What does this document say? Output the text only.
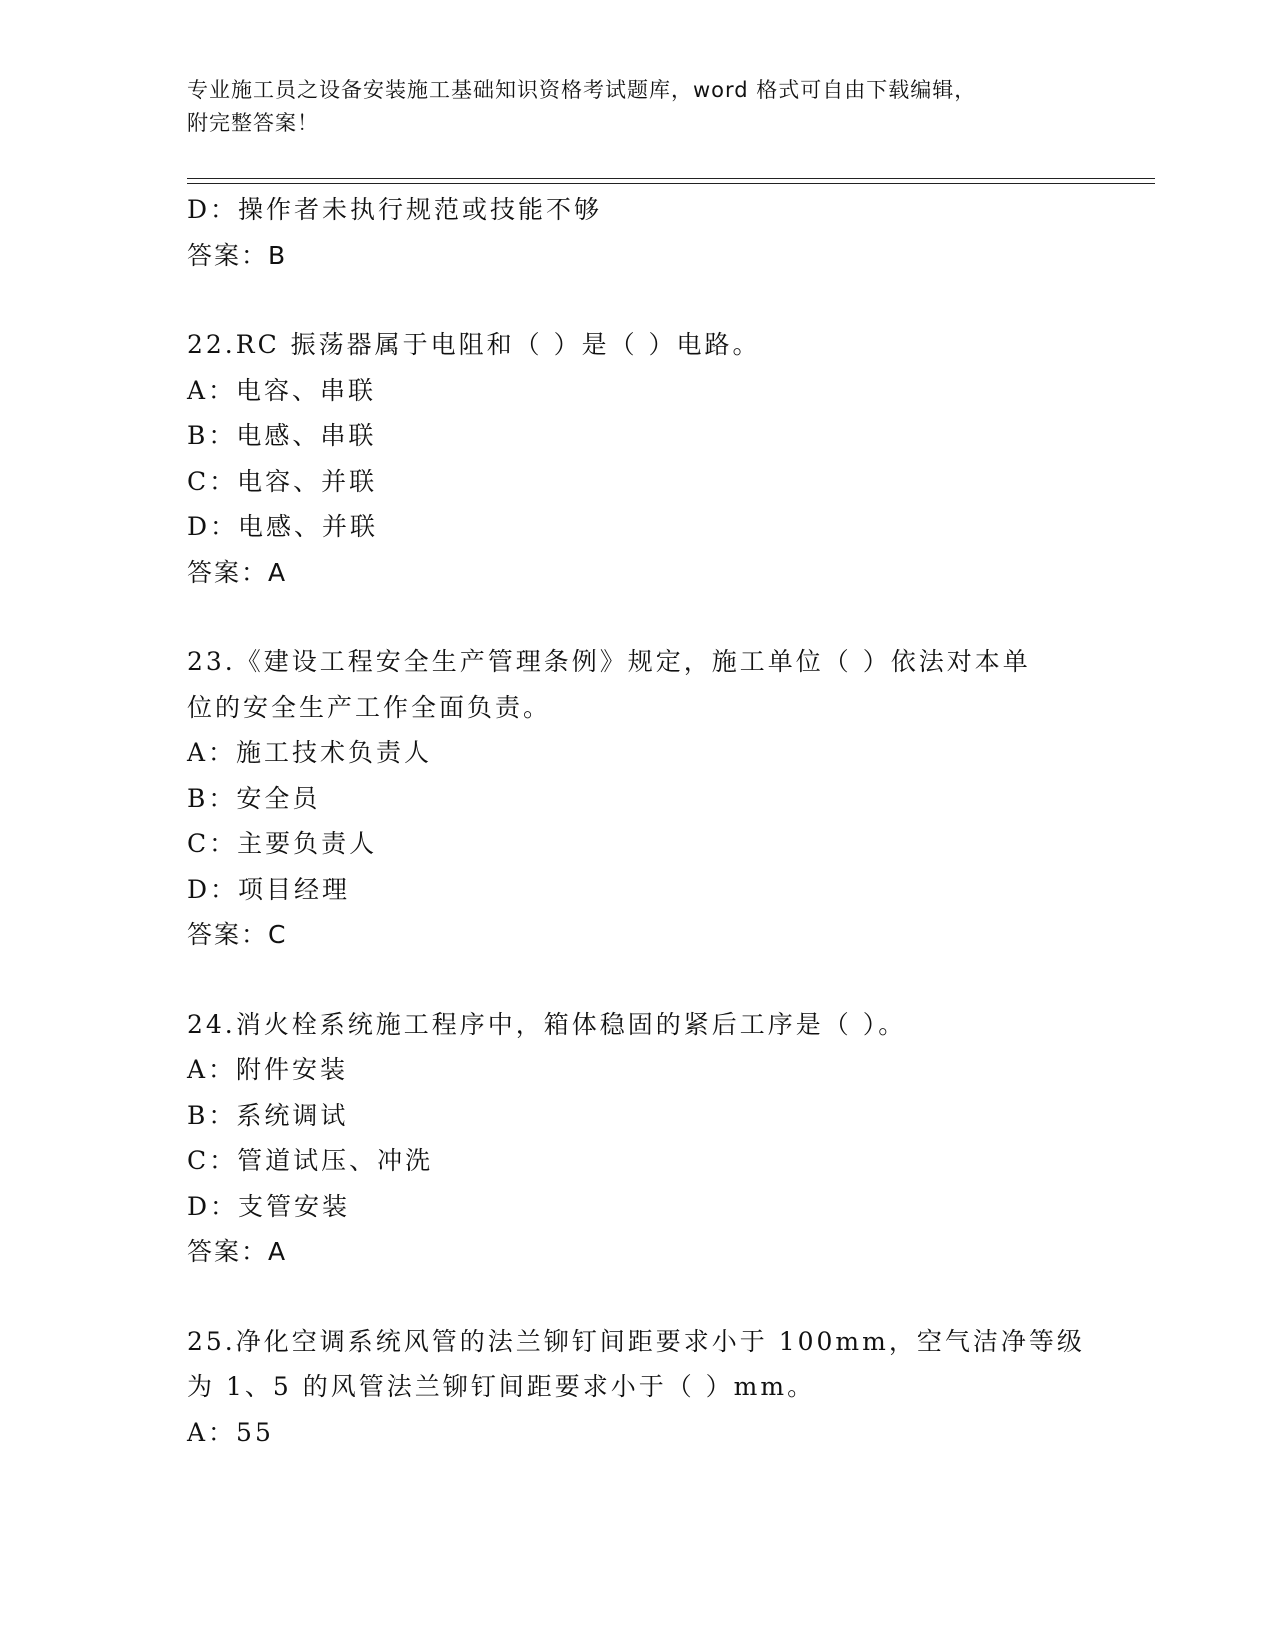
专业施工员之设备安装施工基础知识资格考试题库，word 格式可自由下载编辑，
附完整答案！
D：操作者未执行规范或技能不够
答案：B
22.RC 振荡器属于电阻和（ ）是（ ）电路。
A：电容、串联
B：电感、串联
C：电容、并联
D：电感、并联
答案：A
23.《建设工程安全生产管理条例》规定，施工单位（ ）依法对本单
位的安全生产工作全面负责。
A：施工技术负责人
B：安全员
C：主要负责人
D：项目经理
答案：C
24.消火栓系统施工程序中，箱体稳固的紧后工序是（ ）。
A：附件安装
B：系统调试
C：管道试压、冲洗
D：支管安装
答案：A
25.净化空调系统风管的法兰铆钉间距要求小于 100mm，空气洁净等级
为 1、5 的风管法兰铆钉间距要求小于（ ）mm。
A：55
